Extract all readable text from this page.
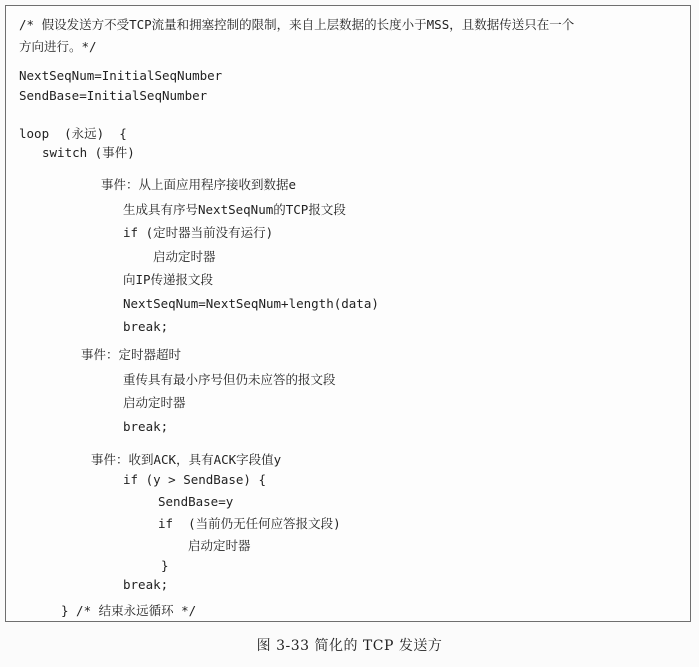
/* 假设发送方不受TCP流量和拥塞控制的限制，来自上层数据的长度小于MSS，且数据传送只在一个
方向进行。*/
NextSeqNum=InitialSeqNumber
SendBase=InitialSeqNumber
loop  (永远)  {
switch (事件)
事件：从上面应用程序接收到数据e
生成具有序号NextSeqNum的TCP报文段
if (定时器当前没有运行)
启动定时器
向IP传递报文段
NextSeqNum=NextSeqNum+length(data)
break;
事件：定时器超时
重传具有最小序号但仍未应答的报文段
启动定时器
break;
事件：收到ACK，具有ACK字段值y
if (y > SendBase) {
SendBase=y
if  (当前仍无任何应答报文段)
启动定时器
}
break;
} /* 结束永远循环 */
图 3-33 简化的 TCP 发送方
